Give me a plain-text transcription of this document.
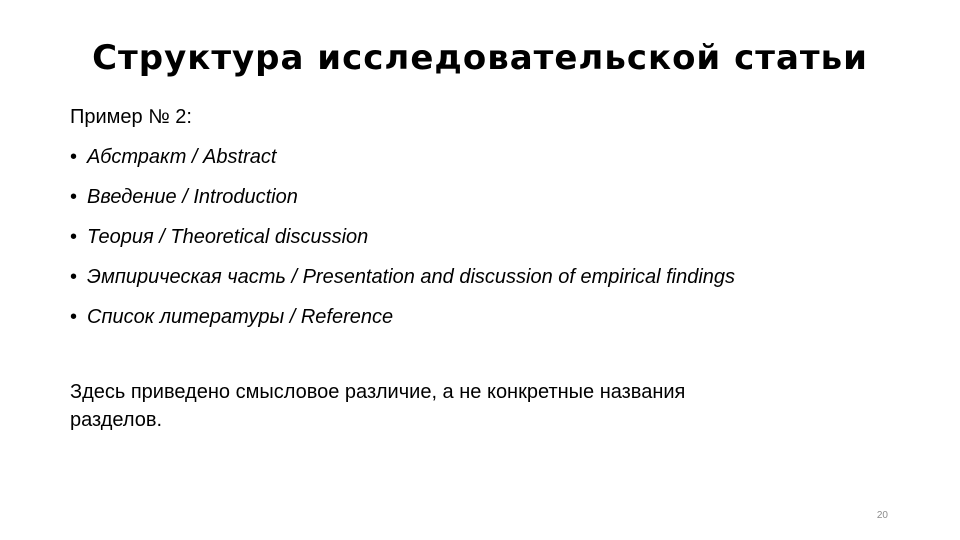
Структура исследовательской статьи
Пример № 2:
• Абстракт / Abstract
• Введение / Introduction
• Теория / Theoretical discussion
• Эмпирическая часть / Presentation and discussion of empirical findings
• Список литературы / Reference
Здесь приведено смысловое различие, а не конкретные названия разделов.
20
